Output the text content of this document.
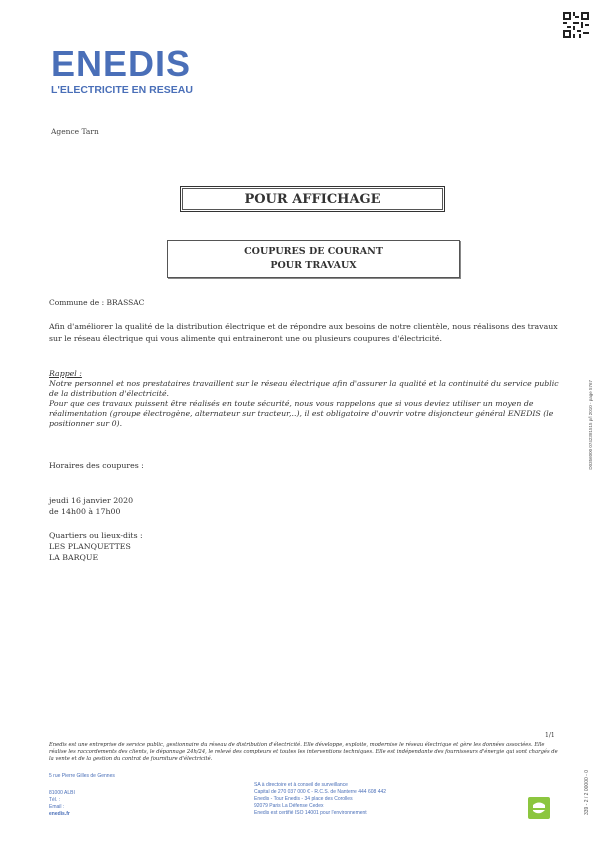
ENEDIS
L'ELECTRICITE EN RESEAU
Agence Tarn
POUR AFFICHAGE
COUPURES DE COURANT
POUR TRAVAUX
Commune de : BRASSAC
Afin d'améliorer la qualité de la distribution électrique et de répondre aux besoins de notre clientèle, nous réalisons des travaux sur le réseau électrique qui vous alimente qui entraineront une ou plusieurs coupures d'électricité.
Rappel :

Notre personnel et nos prestataires travaillent sur le réseau électrique afin d'assurer la qualité et la continuité du service public de la distribution d'électricité.

Pour que ces travaux puissent être réalisés en toute sécurité, nous vous rappelons que si vous deviez utiliser un moyen de réalimentation (groupe électrogène, alternateur sur tracteur,..), il est obligatoire d'ouvrir votre disjoncteur général ENEDIS (le positionner sur 0).

Horaires des coupures :
jeudi 16 janvier 2020
de 14h00 à 17h00
Quartiers ou lieux-dits :
LES PLANQUETTES
LA BARQUE
D0356000 0742381515 p/l 2010 - page 5767
1/1
Enedis est une entreprise de service public, gestionnaire du réseau de distribution d'électricité. Elle développe, exploite, modernise le réseau électrique et gère les données associées. Elle réalise les raccordements des clients, le dépannage 24h/24, le relevé des compteurs et toutes les interventions techniques. Elle est indépendante des fournisseurs d'énergie qui sont chargés de la vente et de la gestion du contrat de fourniture d'électricité.
5 rue Pierre Gilles de Gennes
81000 ALBI
Tél. :
Email :
enedis.fr
SA à directoire et à conseil de surveillance
Capital de 270 037 000 € - R.C.S. de Nanterre 444 608 442
Enedis - Tour Enedis - 34 place des Corolles
92079 Paris La Défense Cedex
Enedis est certifié ISO 14001 pour l'environnement	339 - 2 / 2 00000 - 0
